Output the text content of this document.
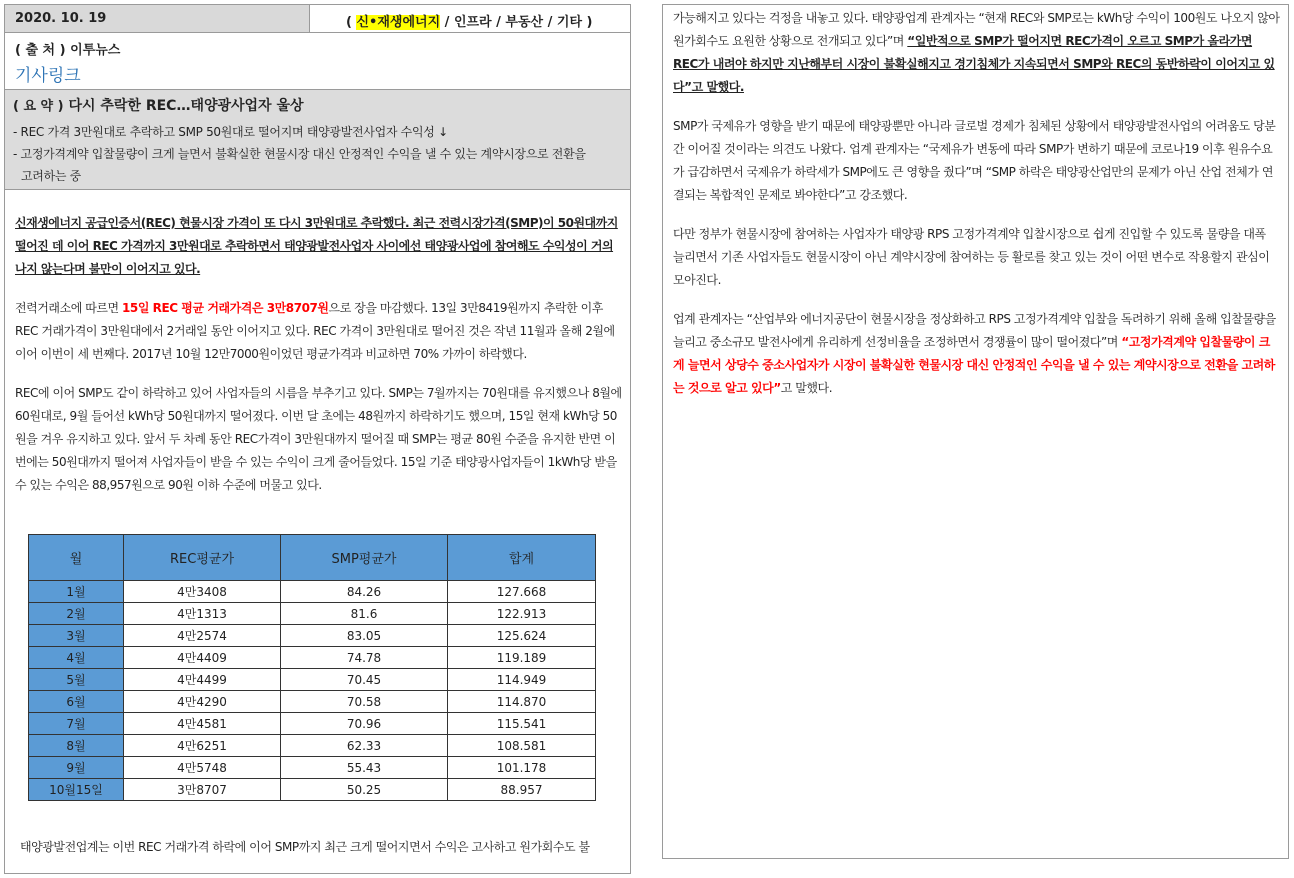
2020. 10. 19	( 신•재생에너지 / 인프라 / 부동산 / 기타 )
( 출 처 ) 이투뉴스
기사링크
( 요 약 ) 다시 추락한 REC…태양광사업자 울상
- REC 가격 3만원대로 추락하고 SMP 50원대로 떨어지며 태양광발전사업자 수익성 ↓
- 고정가격계약 입찰물량이 크게 늘면서 불확실한 현물시장 대신 안정적인 수익을 낼 수 있는 계약시장으로 전환을
고려하는 중
신재생에너지 공급인증서(REC) 현물시장 가격이 또 다시 3만원대로 추락했다. 최근 전력시장가격(SMP)이 50원대까지 떨어진 데 이어 REC 가격까지 3만원대로 추락하면서 태양광발전사업자 사이에선 태양광사업에 참여해도 수익성이 거의 나지 않는다며 불만이 이어지고 있다.
전력거래소에 따르면 15일 REC 평균 거래가격은 3만8707원으로 장을 마감했다. 13일 3만8419원까지 추락한 이후 REC 거래가격이 3만원대에서 2거래일 동안 이어지고 있다. REC 가격이 3만원대로 떨어진 것은 작년 11월과 올해 2월에 이어 이번이 세 번째다. 2017년 10월 12만7000원이었던 평균가격과 비교하면 70% 가까이 하락했다.
REC에 이어 SMP도 같이 하락하고 있어 사업자들의 시름을 부추기고 있다. SMP는 7월까지는 70원대를 유지했으나 8월에 60원대로, 9월 들어선 kWh당 50원대까지 떨어졌다. 이번 달 초에는 48원까지 하락하기도 했으며, 15일 현재 kWh당 50원을 겨우 유지하고 있다. 앞서 두 차례 동안 REC가격이 3만원대까지 떨어질 때 SMP는 평균 80원 수준을 유지한 반면 이번에는 50원대까지 떨어져 사업자들이 받을 수 있는 수익이 크게 줄어들었다. 15일 기준 태양광사업자들이 1kWh당 받을 수 있는 수익은 88,957원으로 90원 이하 수준에 머물고 있다.
월	REC평균가	SMP평균가	합계
1월	4만3408	84.26	127.668
2월	4만1313	81.6	122.913
3월	4만2574	83.05	125.624
4월	4만4409	74.78	119.189
5월	4만4499	70.45	114.949
6월	4만4290	70.58	114.870
7월	4만4581	70.96	115.541
8월	4만6251	62.33	108.581
9월	4만5748	55.43	101.178
10월15일	3만8707	50.25	88.957
태양광발전업계는 이번 REC 거래가격 하락에 이어 SMP까지 최근 크게 떨어지면서 수익은 고사하고 원가회수도 불
가능해지고 있다는 걱정을 내놓고 있다. 태양광업계 관계자는 “현재 REC와 SMP로는 kWh당 수익이 100원도 나오지 않아 원가회수도 요원한 상황으로 전개되고 있다”며 “일반적으로 SMP가 떨어지면 REC가격이 오르고 SMP가 올라가면 REC가 내려야 하지만 지난해부터 시장이 불확실해지고 경기침체가 지속되면서 SMP와 REC의 동반하락이 이어지고 있다”고 말했다.
SMP가 국제유가 영향을 받기 때문에 태양광뿐만 아니라 글로벌 경제가 침체된 상황에서 태양광발전사업의 어려움도 당분간 이어질 것이라는 의견도 나왔다. 업계 관계자는 “국제유가 변동에 따라 SMP가 변하기 때문에 코로나19 이후 원유수요가 급감하면서 국제유가 하락세가 SMP에도 큰 영향을 줬다”며 “SMP 하락은 태양광산업만의 문제가 아닌 산업 전체가 연결되는 복합적인 문제로 봐야한다”고 강조했다.
다만 정부가 현물시장에 참여하는 사업자가 태양광 RPS 고정가격계약 입찰시장으로 쉽게 진입할 수 있도록 물량을 대폭 늘리면서 기존 사업자들도 현물시장이 아닌 계약시장에 참여하는 등 활로를 찾고 있는 것이 어떤 변수로 작용할지 관심이 모아진다.
업계 관계자는 “산업부와 에너지공단이 현물시장을 정상화하고 RPS 고정가격계약 입찰을 독려하기 위해 올해 입찰물량을 늘리고 중소규모 발전사에게 유리하게 선정비율을 조정하면서 경쟁률이 많이 떨어졌다”며 “고정가격계약 입찰물량이 크게 늘면서 상당수 중소사업자가 시장이 불확실한 현물시장 대신 안정적인 수익을 낼 수 있는 계약시장으로 전환을 고려하는 것으로 알고 있다”고 말했다.
